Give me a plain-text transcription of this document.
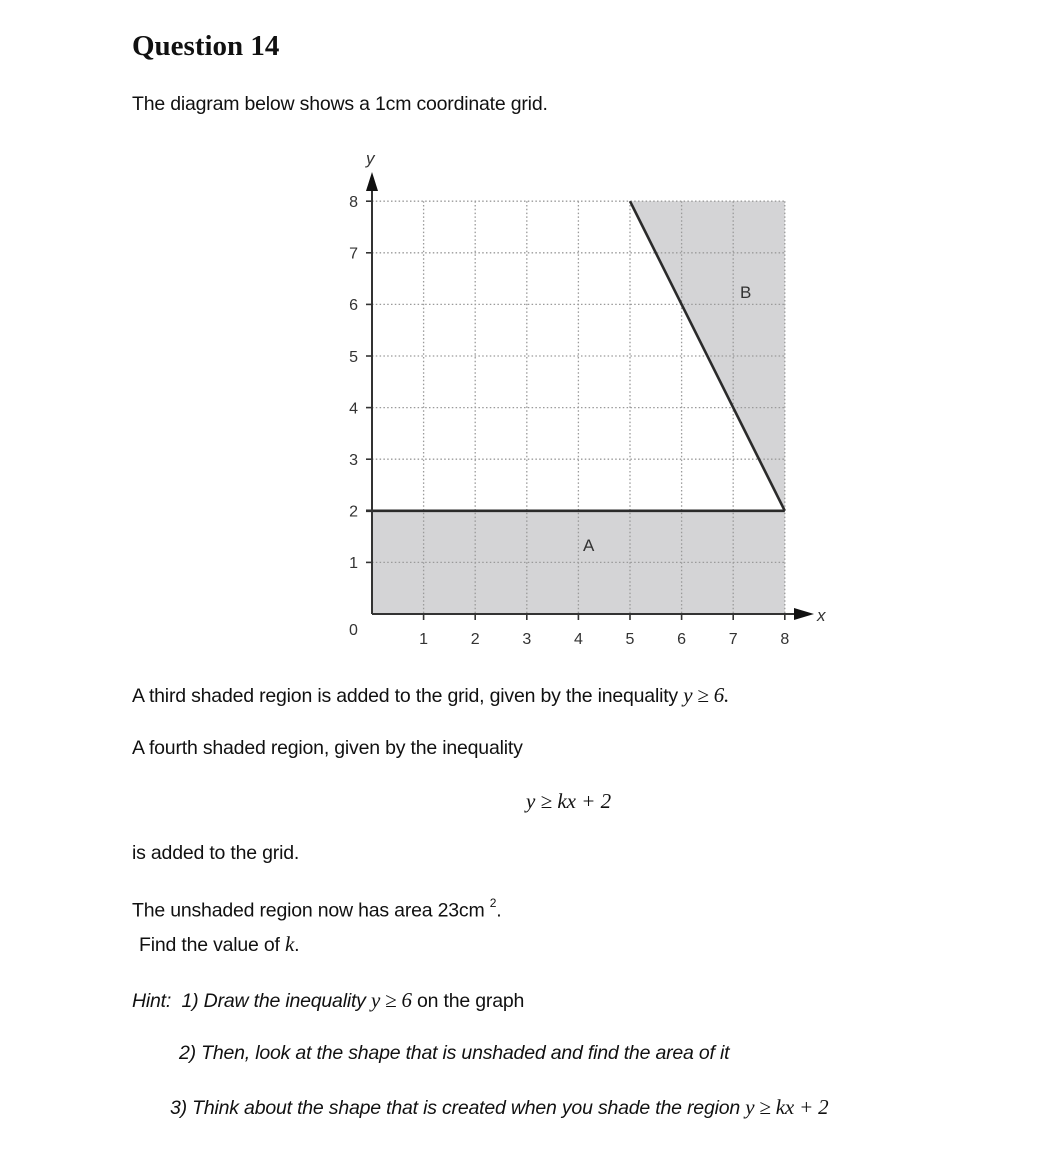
Question 14
The diagram below shows a 1cm coordinate grid.
y
x
0
1	2	3	4	5	6	7	8
1
2
3
4
5
6
7
8
A
B
A third shaded region is added to the grid, given by the inequality y ≥ 6.
A fourth shaded region, given by the inequality
y ≥ kx + 2
is added to the grid.
The unshaded region now has area 23cm $^2$.
Find the value of k.
Hint:  1) Draw the inequality y ≥ 6 on the graph
2) Then, look at the shape that is unshaded and find the area of it
3) Think about the shape that is created when you shade the region y ≥ kx + 2
